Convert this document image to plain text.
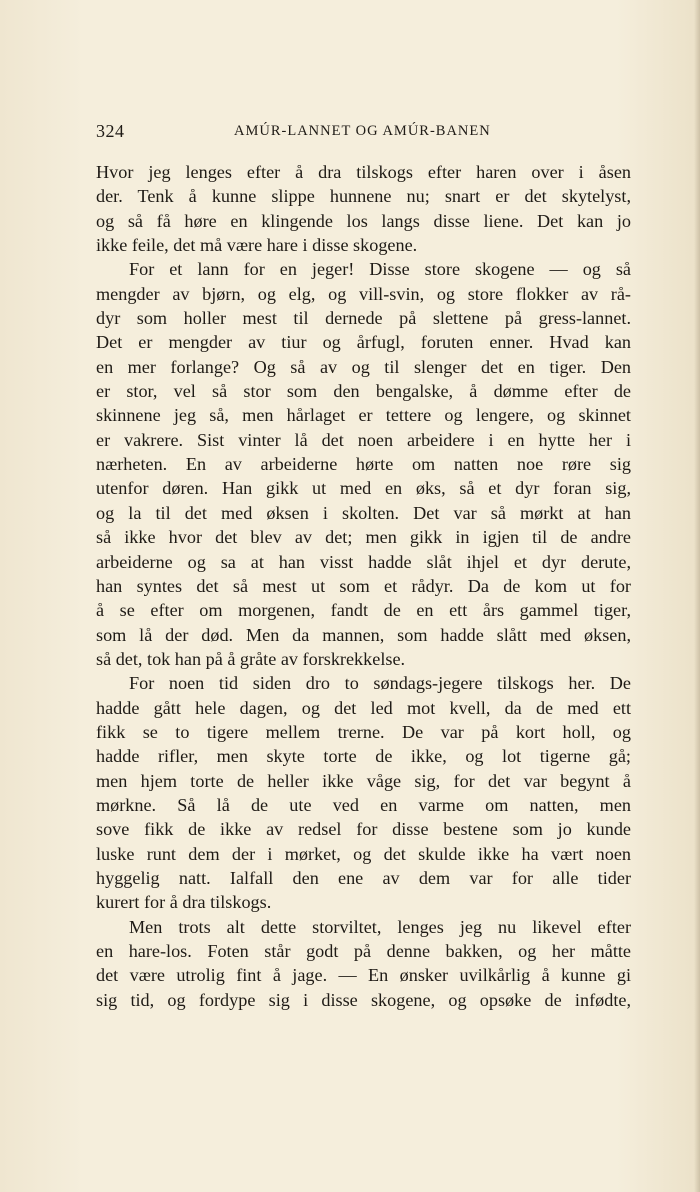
324	AMÚR-LANNET OG AMÚR-BANEN
Hvor jeg lenges efter å dra tilskogs efter haren over i åsen
der. Tenk å kunne slippe hunnene nu; snart er det skytelyst,
og så få høre en klingende los langs disse liene. Det kan jo
ikke feile, det må være hare i disse skogene.
For et lann for en jeger! Disse store skogene — og så
mengder av bjørn, og elg, og vill-svin, og store flokker av rå-
dyr som holler mest til dernede på slettene på gress-lannet.
Det er mengder av tiur og årfugl, foruten enner. Hvad kan
en mer forlange? Og så av og til slenger det en tiger. Den
er stor, vel så stor som den bengalske, å dømme efter de
skinnene jeg så, men hårlaget er tettere og lengere, og skinnet
er vakrere. Sist vinter lå det noen arbeidere i en hytte her i
nærheten. En av arbeiderne hørte om natten noe røre sig
utenfor døren. Han gikk ut med en øks, så et dyr foran sig,
og la til det med øksen i skolten. Det var så mørkt at han
så ikke hvor det blev av det; men gikk in igjen til de andre
arbeiderne og sa at han visst hadde slåt ihjel et dyr derute,
han syntes det så mest ut som et rådyr. Da de kom ut for
å se efter om morgenen, fandt de en ett års gammel tiger,
som lå der død. Men da mannen, som hadde slått med øksen,
så det, tok han på å gråte av forskrekkelse.
For noen tid siden dro to søndags-jegere tilskogs her. De
hadde gått hele dagen, og det led mot kvell, da de med ett
fikk se to tigere mellem trerne. De var på kort holl, og
hadde rifler, men skyte torte de ikke, og lot tigerne gå;
men hjem torte de heller ikke våge sig, for det var begynt å
mørkne. Så lå de ute ved en varme om natten, men
sove fikk de ikke av redsel for disse bestene som jo kunde
luske runt dem der i mørket, og det skulde ikke ha vært noen
hyggelig natt. Ialfall den ene av dem var for alle tider
kurert for å dra tilskogs.
Men trots alt dette storviltet, lenges jeg nu likevel efter
en hare-los. Foten står godt på denne bakken, og her måtte
det være utrolig fint å jage. — En ønsker uvilkårlig å kunne gi
sig tid, og fordype sig i disse skogene, og opsøke de infødte,
